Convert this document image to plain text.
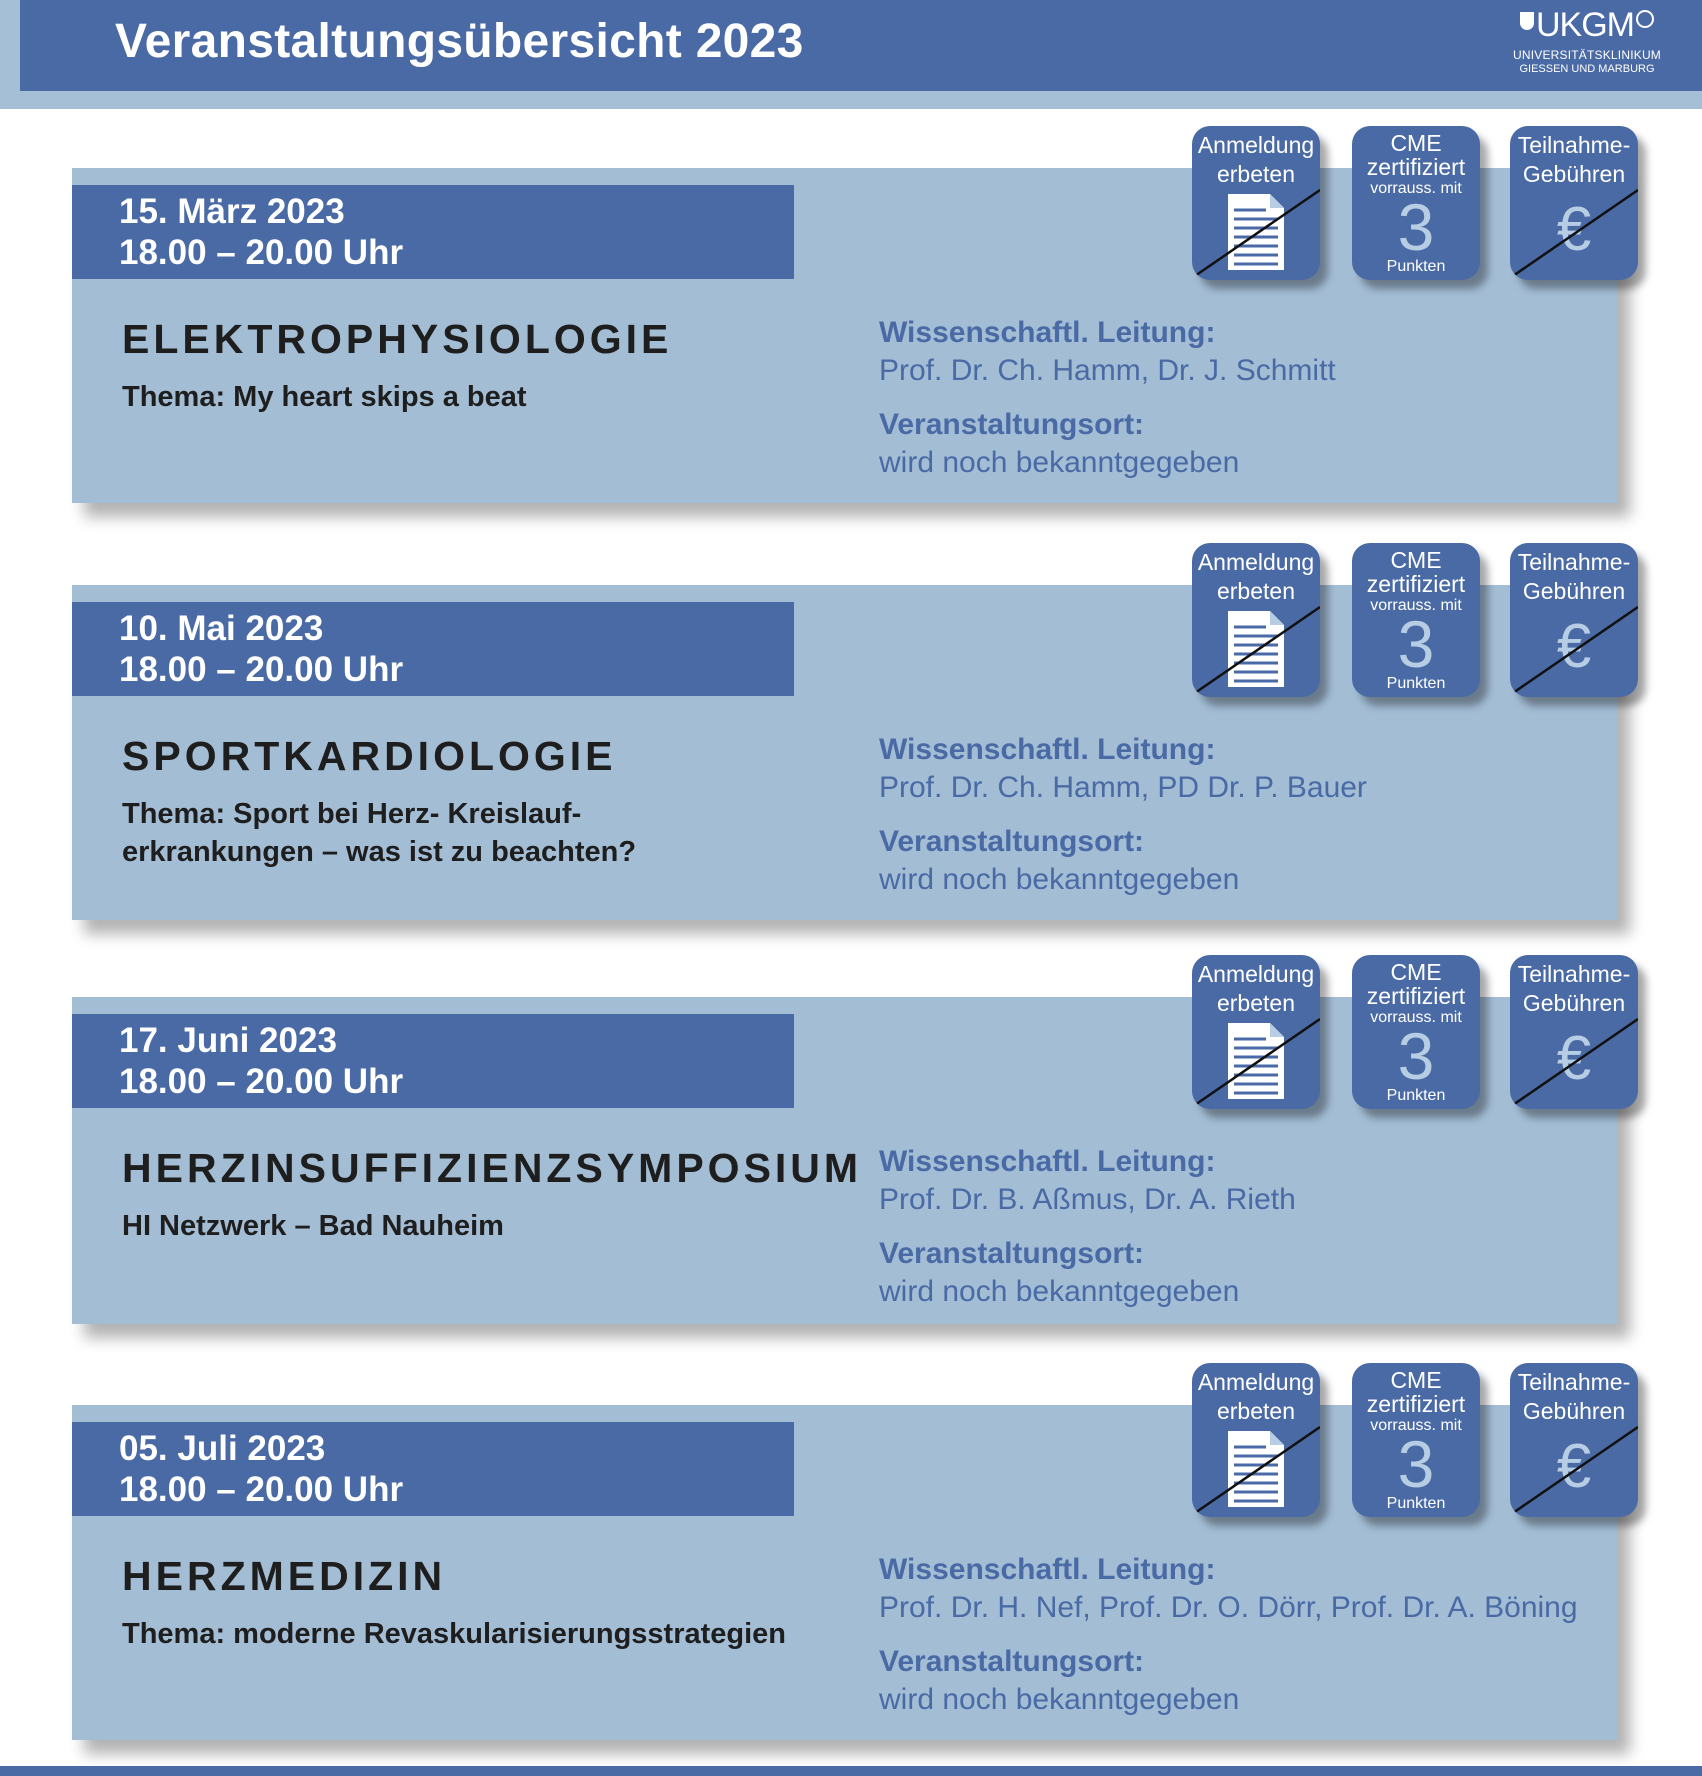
Veranstaltungsübersicht 2023	UKGM
UNIVERSITÄTSKLINIKUM
GIESSEN UND MARBURG
15. März 2023
18.00 – 20.00 Uhr
ELEKTROPHYSIOLOGIE
Thema: My heart skips a beat
Wissenschaftl. Leitung:
Prof. Dr. Ch. Hamm, Dr. J. Schmitt
Veranstaltungsort:
wird noch bekanntgegeben
Anmeldung
erbeten
CME
zertifiziert
vorrauss. mit
3
Punkten
Teilnahme-
Gebühren
€
10. Mai 2023
18.00 – 20.00 Uhr
SPORTKARDIOLOGIE
Thema: Sport bei Herz- Kreislauf-
erkrankungen – was ist zu beachten?
Wissenschaftl. Leitung:
Prof. Dr. Ch. Hamm, PD Dr. P. Bauer
Veranstaltungsort:
wird noch bekanntgegeben
Anmeldung
erbeten
CME
zertifiziert
vorrauss. mit
3
Punkten
Teilnahme-
Gebühren
€
17. Juni 2023
18.00 – 20.00 Uhr
HERZINSUFFIZIENZSYMPOSIUM
HI Netzwerk – Bad Nauheim
Wissenschaftl. Leitung:
Prof. Dr. B. Aßmus, Dr. A. Rieth
Veranstaltungsort:
wird noch bekanntgegeben
Anmeldung
erbeten
CME
zertifiziert
vorrauss. mit
3
Punkten
Teilnahme-
Gebühren
€
05. Juli 2023
18.00 – 20.00 Uhr
HERZMEDIZIN
Thema: moderne Revaskularisierungsstrategien
Wissenschaftl. Leitung:
Prof. Dr. H. Nef, Prof. Dr. O. Dörr, Prof. Dr. A. Böning
Veranstaltungsort:
wird noch bekanntgegeben
Anmeldung
erbeten
CME
zertifiziert
vorrauss. mit
3
Punkten
Teilnahme-
Gebühren
€
